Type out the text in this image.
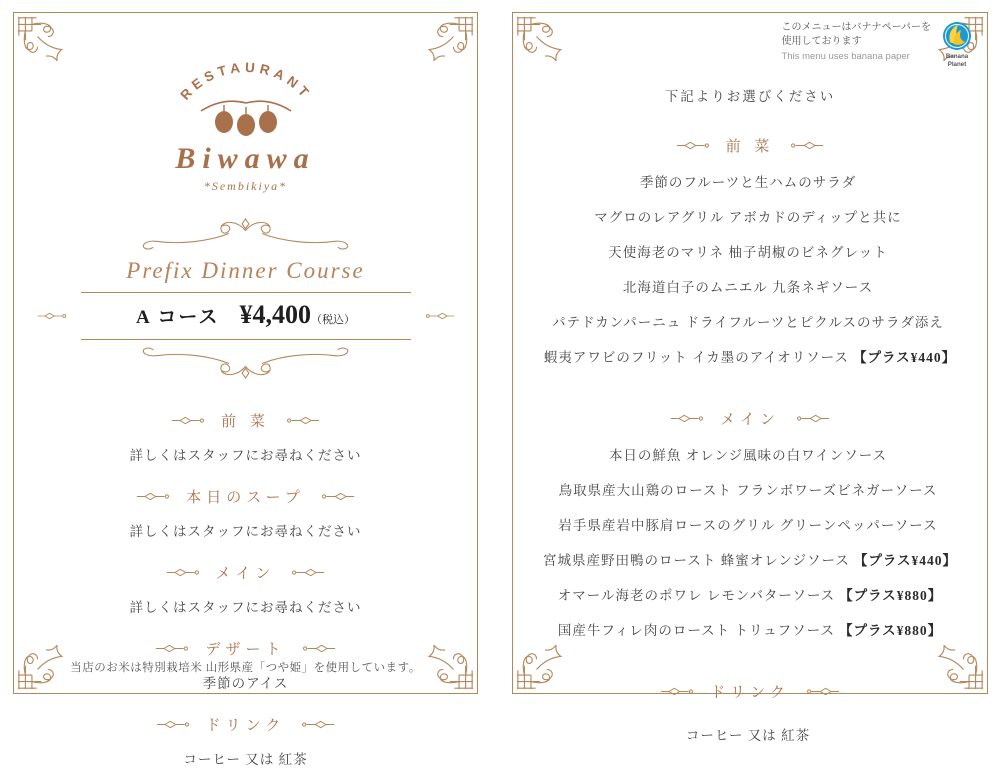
RESTAURANT
Biwawa
*Sembikiya*
Prefix Dinner Course
A コース ¥4,400（税込）
前 菜
詳しくはスタッフにお尋ねください
本日のスープ
詳しくはスタッフにお尋ねください
メイン
詳しくはスタッフにお尋ねください
デザート
季節のアイス
ドリンク
コーヒー 又は 紅茶
当店のお米は特別栽培米 山形県産「つや姫」を使用しています。
このメニューはバナナペーパーを
使用しております
This menu uses banana paper	Banana
Planet
下記よりお選びください
前 菜
季節のフルーツと生ハムのサラダ
マグロのレアグリル アボカドのディップと共に
天使海老のマリネ 柚子胡椒のビネグレット
北海道白子のムニエル 九条ネギソース
パテドカンパーニュ ドライフルーツとピクルスのサラダ添え
蝦夷アワビのフリット イカ墨のアイオリソース 【プラス¥440】
メイン
本日の鮮魚 オレンジ風味の白ワインソース
鳥取県産大山鶏のロースト フランボワーズビネガーソース
岩手県産岩中豚肩ロースのグリル グリーンペッパーソース
宮城県産野田鴨のロースト 蜂蜜オレンジソース 【プラス¥440】
オマール海老のポワレ レモンバターソース 【プラス¥880】
国産牛フィレ肉のロースト トリュフソース 【プラス¥880】
ドリンク
コーヒー 又は 紅茶
